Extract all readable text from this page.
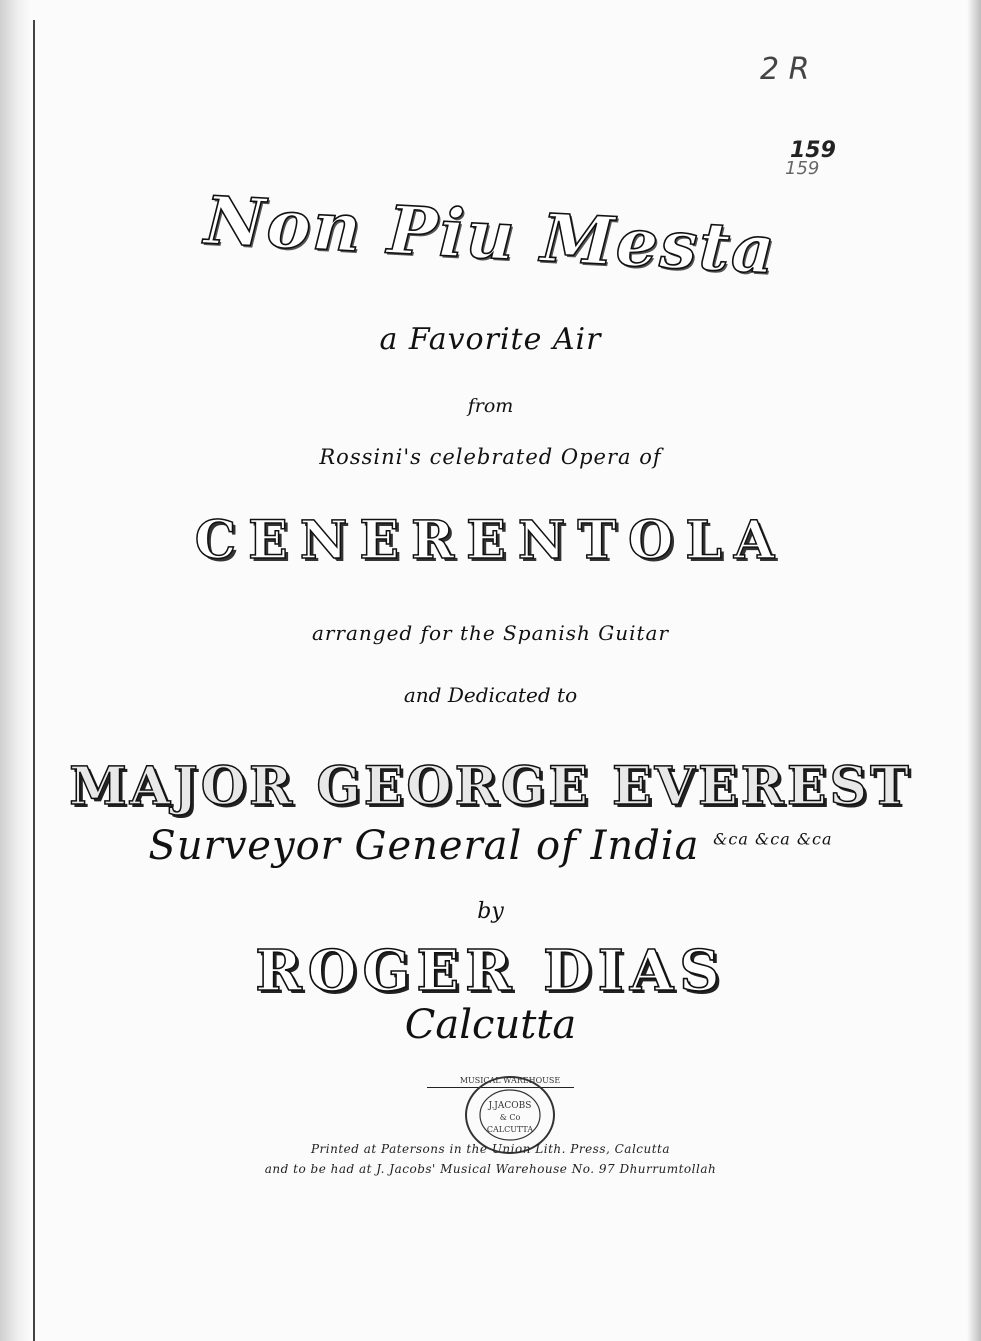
2 R
159
159
Non Piu Mesta
a Favorite Air
from
Rossini's celebrated Opera of
CENERENTOLA
arranged for the Spanish Guitar
and Dedicated to
MAJOR GEORGE EVEREST
Surveyor General of India $^{\&ca \&ca \&ca}$
by
ROGER DIAS
Calcutta
MUSICAL WAREHOUSE
J.JACOBS
& Co
CALCUTTA
Printed at Patersons in the Union Lith. Press, Calcutta
and to be had at J. Jacobs' Musical Warehouse No. 97 Dhurrumtollah
